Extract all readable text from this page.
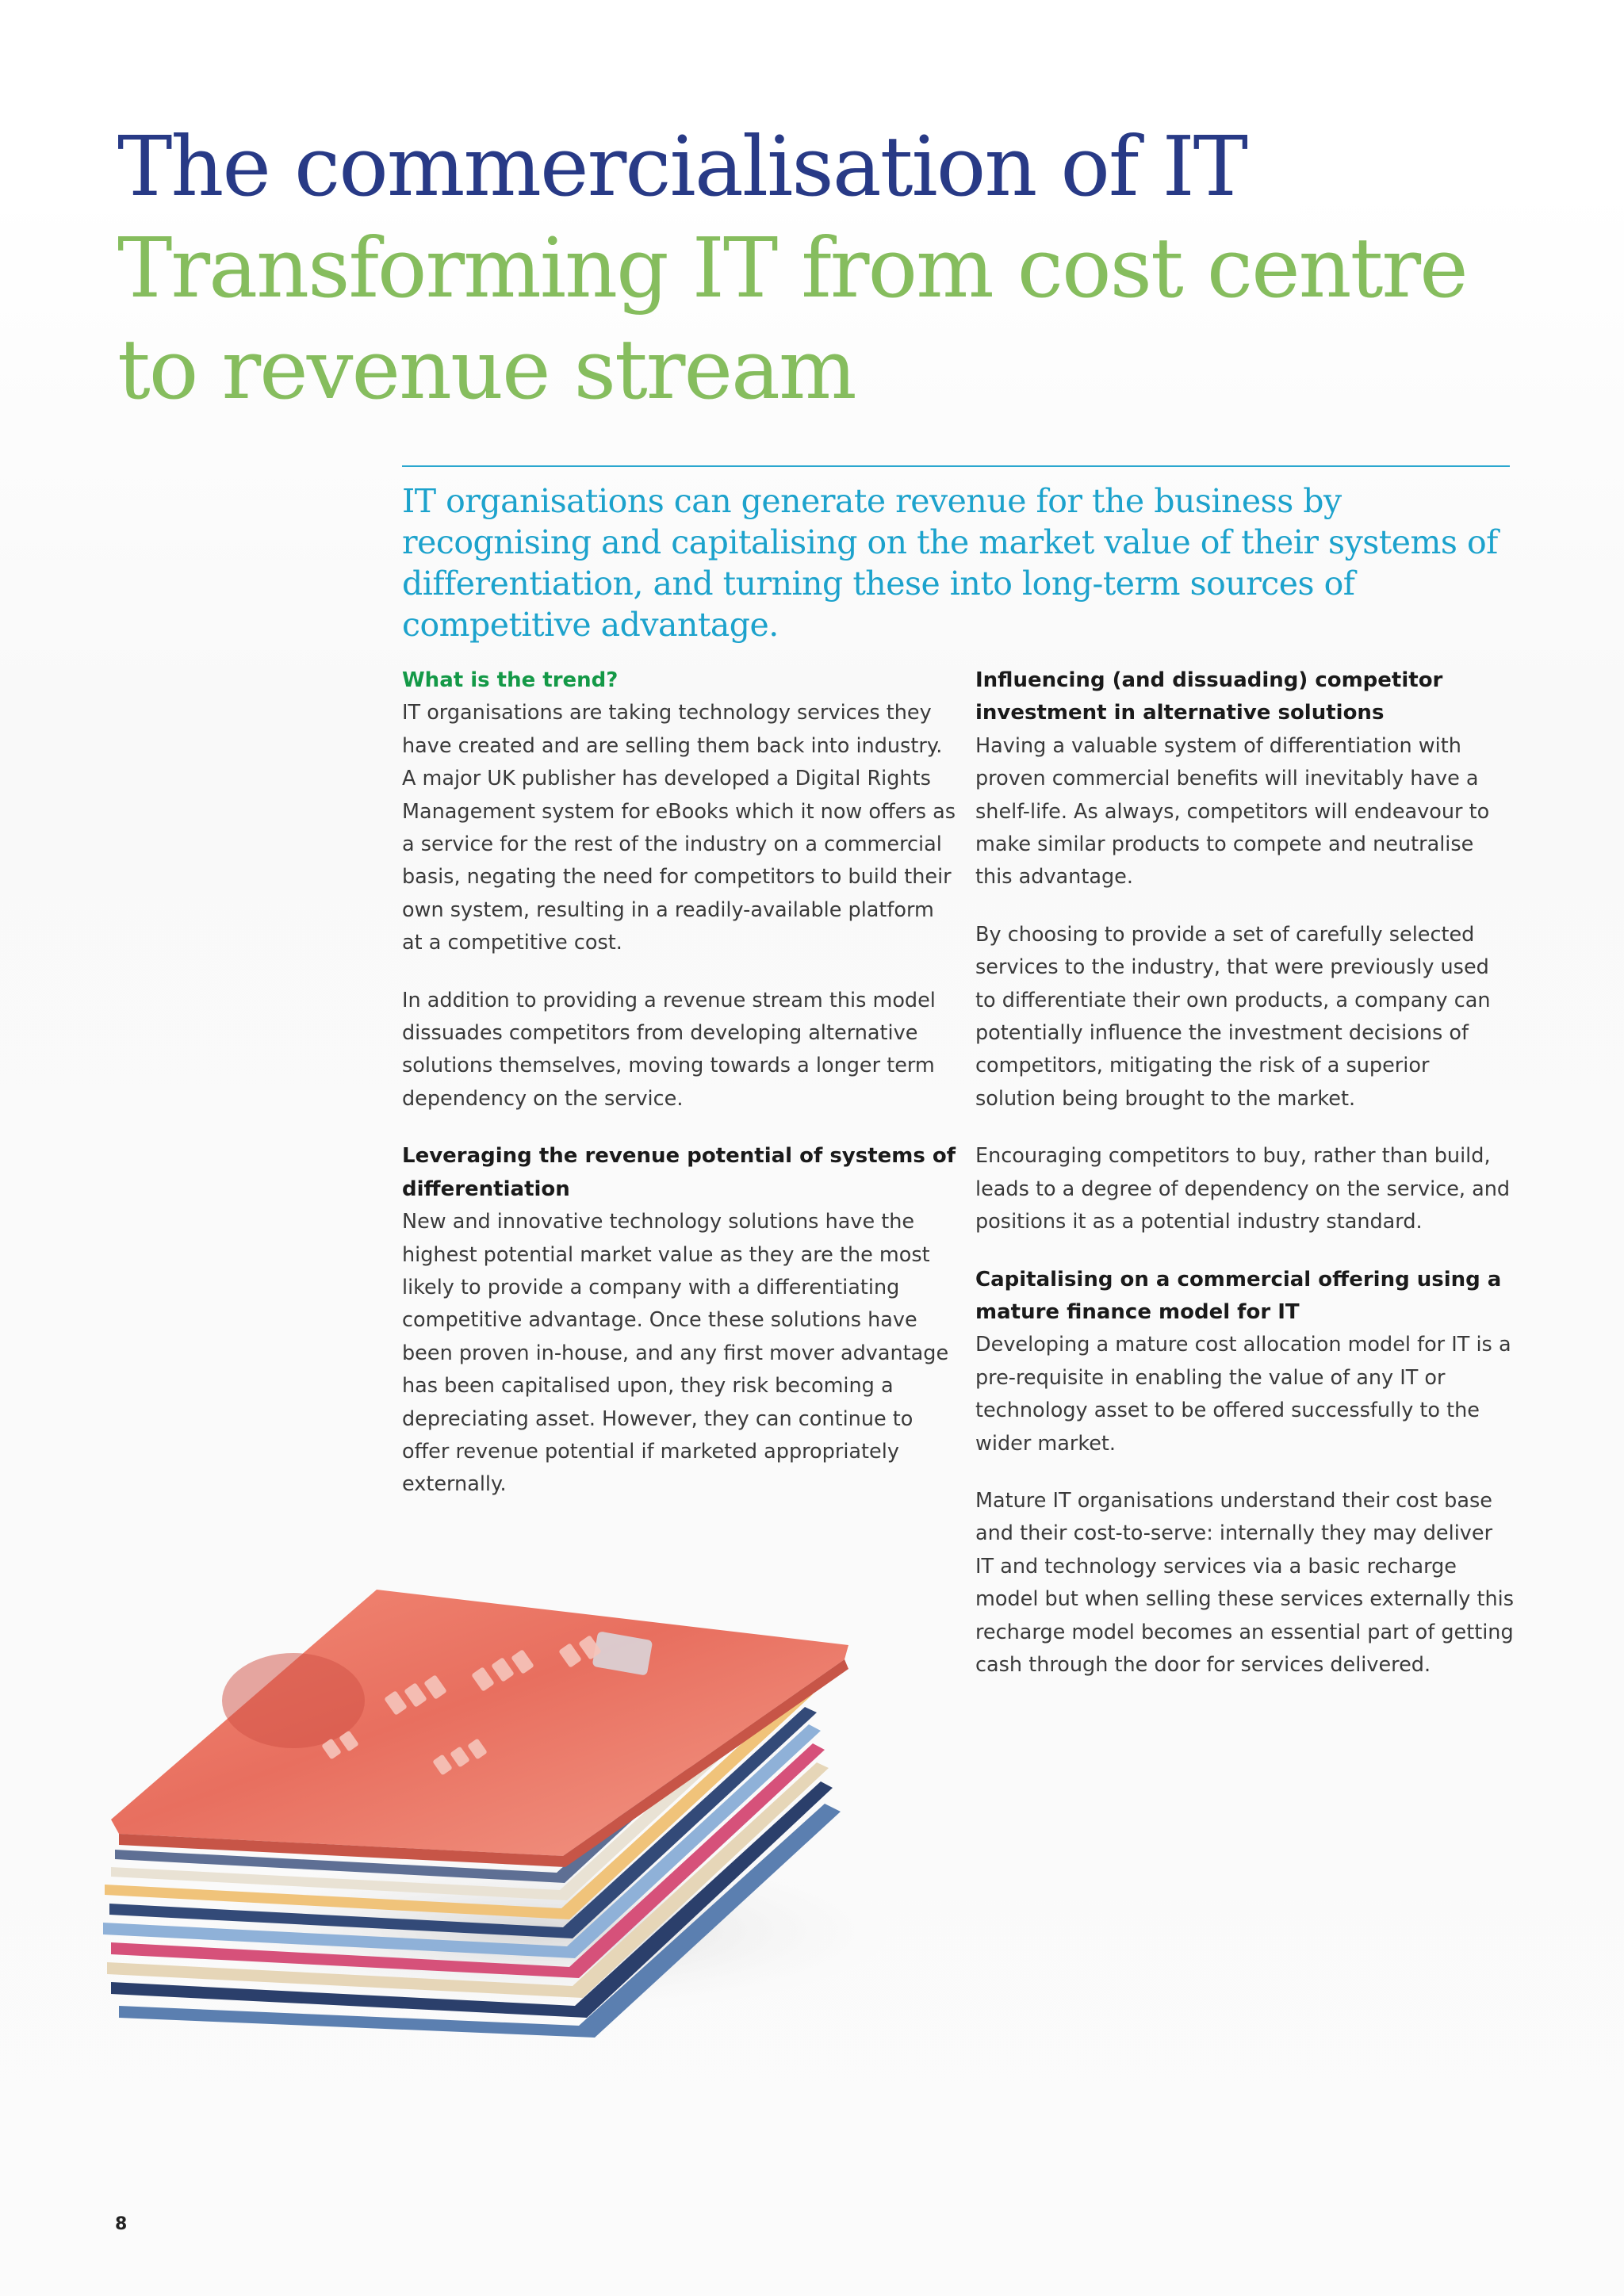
The commercialisation of IT
Transforming IT from cost centre
to revenue stream

IT organisations can generate revenue for the business by recognising and capitalising on the market value of their systems of differentiation, and turning these into long-term sources of competitive advantage.

What is the trend?

IT organisations are taking technology services they have created and are selling them back into industry. A major UK publisher has developed a Digital Rights Management system for eBooks which it now offers as a service for the rest of the industry on a commercial basis, negating the need for competitors to build their own system, resulting in a readily-available platform at a competitive cost.

In addition to providing a revenue stream this model dissuades competitors from developing alternative solutions themselves, moving towards a longer term dependency on the service.

Leveraging the revenue potential of systems of differentiation

New and innovative technology solutions have the highest potential market value as they are the most likely to provide a company with a differentiating competitive advantage. Once these solutions have been proven in-house, and any first mover advantage has been capitalised upon, they risk becoming a depreciating asset. However, they can continue to offer revenue potential if marketed appropriately externally.

Influencing (and dissuading) competitor investment in alternative solutions

Having a valuable system of differentiation with proven commercial benefits will inevitably have a shelf-life. As always, competitors will endeavour to make similar products to compete and neutralise this advantage.

By choosing to provide a set of carefully selected services to the industry, that were previously used to differentiate their own products, a company can potentially influence the investment decisions of competitors, mitigating the risk of a superior solution being brought to the market.

Encouraging competitors to buy, rather than build, leads to a degree of dependency on the service, and positions it as a potential industry standard.

Capitalising on a commercial offering using a mature finance model for IT

Developing a mature cost allocation model for IT is a pre-requisite in enabling the value of any IT or technology asset to be offered successfully to the wider market.

Mature IT organisations understand their cost base and their cost-to-serve: internally they may deliver IT and technology services via a basic recharge model but when selling these services externally this recharge model becomes an essential part of getting cash through the door for services delivered.

8
